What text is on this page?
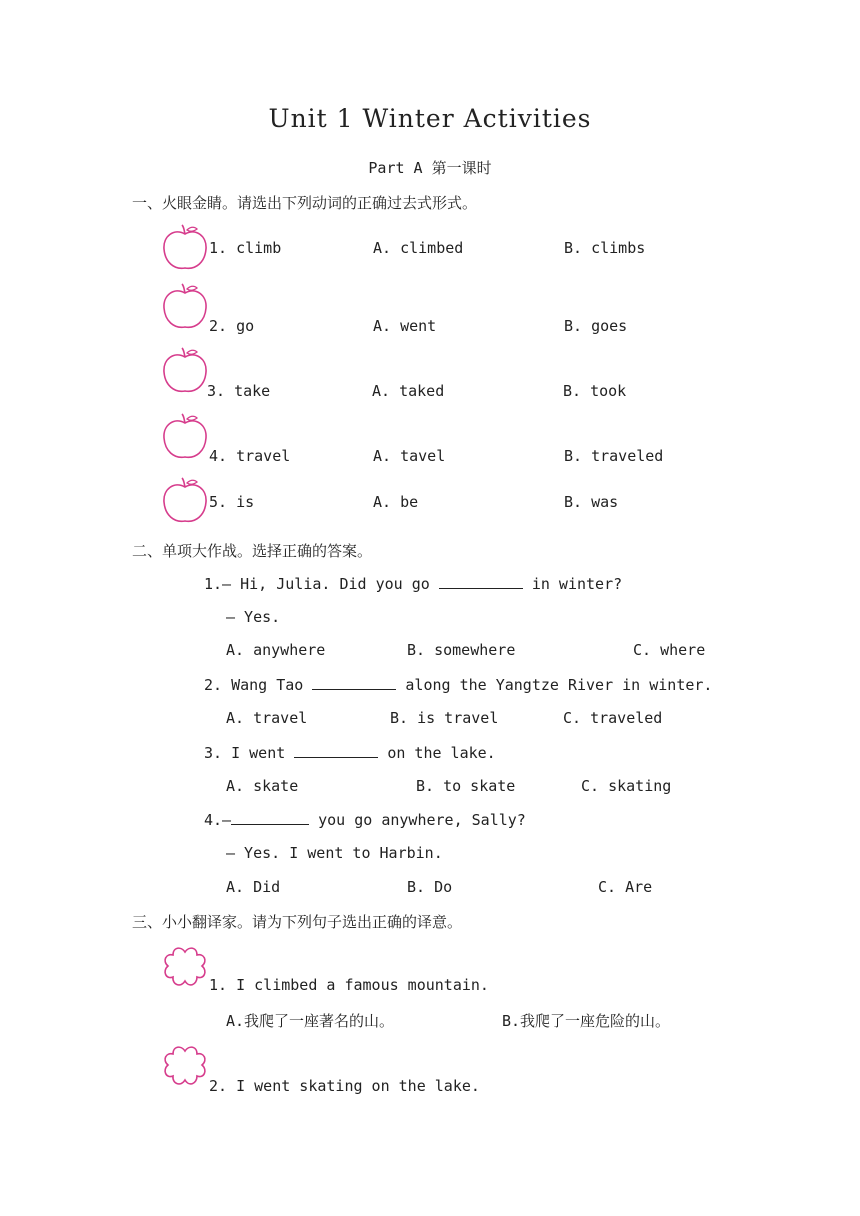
Unit 1 Winter Activities
Part A 第一课时
一、火眼金睛。请选出下列动词的正确过去式形式。
1. climb	A. climbed	B. climbs
2. go	A. went	B. goes
3. take	A. taked	B. took
4. travel	A. tavel	B. traveled
5. is	A. be	B. was
二、单项大作战。选择正确的答案。
1.— Hi, Julia. Did you go	in winter?
— Yes.
A. anywhere	B. somewhere	C. where
2. Wang Tao	along the Yangtze River in winter.
A. travel	B. is travel	C. traveled
3. I went	on the lake.
A. skate	B. to skate	C. skating
4.—	you go anywhere, Sally?
— Yes. I went to Harbin.
A. Did	B. Do	C. Are
三、小小翻译家。请为下列句子选出正确的译意。
1. I climbed a famous mountain.
A.我爬了一座著名的山。	B.我爬了一座危险的山。
2. I went skating on the lake.
